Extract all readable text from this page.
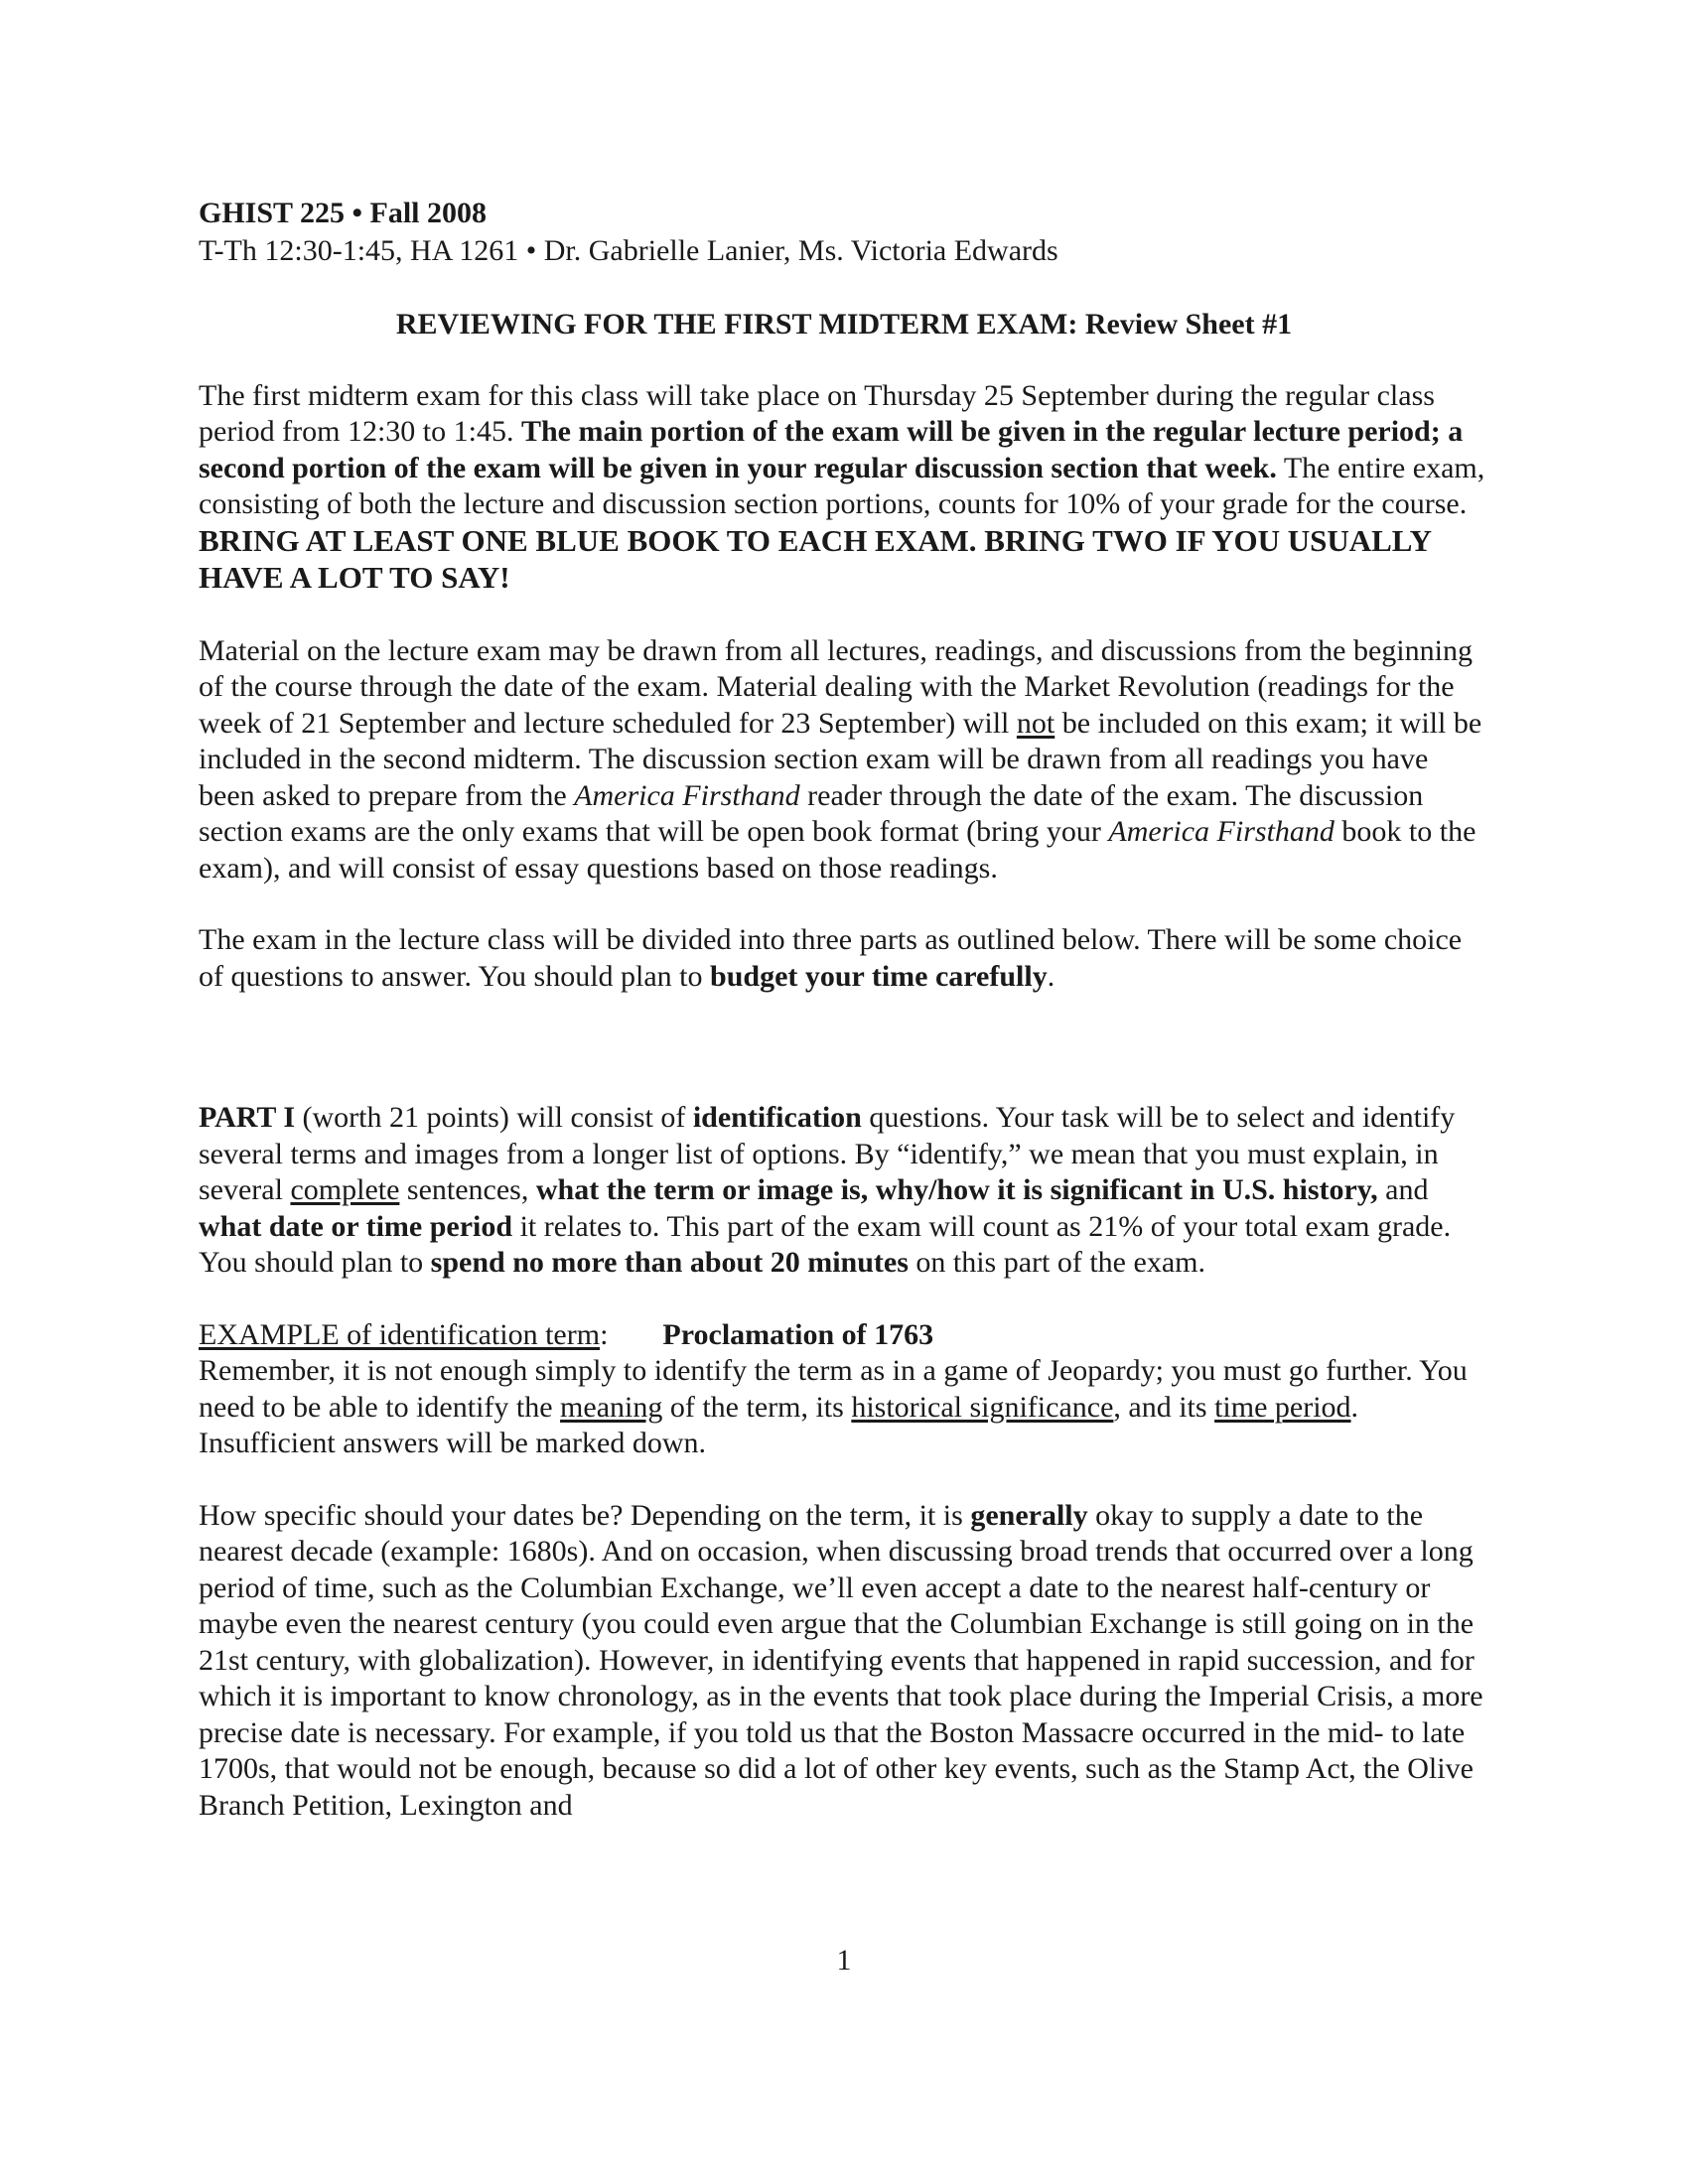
GHIST 225 • Fall 2008
T-Th 12:30-1:45, HA 1261 • Dr. Gabrielle Lanier, Ms. Victoria Edwards

REVIEWING FOR THE FIRST MIDTERM EXAM: Review Sheet #1

The first midterm exam for this class will take place on Thursday 25 September during the regular class period from 12:30 to 1:45. The main portion of the exam will be given in the regular lecture period; a second portion of the exam will be given in your regular discussion section that week. The entire exam, consisting of both the lecture and discussion section portions, counts for 10% of your grade for the course. BRING AT LEAST ONE BLUE BOOK TO EACH EXAM. BRING TWO IF YOU USUALLY HAVE A LOT TO SAY!

Material on the lecture exam may be drawn from all lectures, readings, and discussions from the beginning of the course through the date of the exam. Material dealing with the Market Revolution (readings for the week of 21 September and lecture scheduled for 23 September) will not be included on this exam; it will be included in the second midterm. The discussion section exam will be drawn from all readings you have been asked to prepare from the America Firsthand reader through the date of the exam. The discussion section exams are the only exams that will be open book format (bring your America Firsthand book to the exam), and will consist of essay questions based on those readings.

The exam in the lecture class will be divided into three parts as outlined below. There will be some choice of questions to answer. You should plan to budget your time carefully.

PART I (worth 21 points) will consist of identification questions. Your task will be to select and identify several terms and images from a longer list of options. By “identify,” we mean that you must explain, in several complete sentences, what the term or image is, why/how it is significant in U.S. history, and what date or time period it relates to. This part of the exam will count as 21% of your total exam grade. You should plan to spend no more than about 20 minutes on this part of the exam.

EXAMPLE of identification term: Proclamation of 1763
Remember, it is not enough simply to identify the term as in a game of Jeopardy; you must go further. You need to be able to identify the meaning of the term, its historical significance, and its time period. Insufficient answers will be marked down.

How specific should your dates be? Depending on the term, it is generally okay to supply a date to the nearest decade (example: 1680s). And on occasion, when discussing broad trends that occurred over a long period of time, such as the Columbian Exchange, we’ll even accept a date to the nearest half-century or maybe even the nearest century (you could even argue that the Columbian Exchange is still going on in the 21st century, with globalization). However, in identifying events that happened in rapid succession, and for which it is important to know chronology, as in the events that took place during the Imperial Crisis, a more precise date is necessary. For example, if you told us that the Boston Massacre occurred in the mid- to late 1700s, that would not be enough, because so did a lot of other key events, such as the Stamp Act, the Olive Branch Petition, Lexington and

1
